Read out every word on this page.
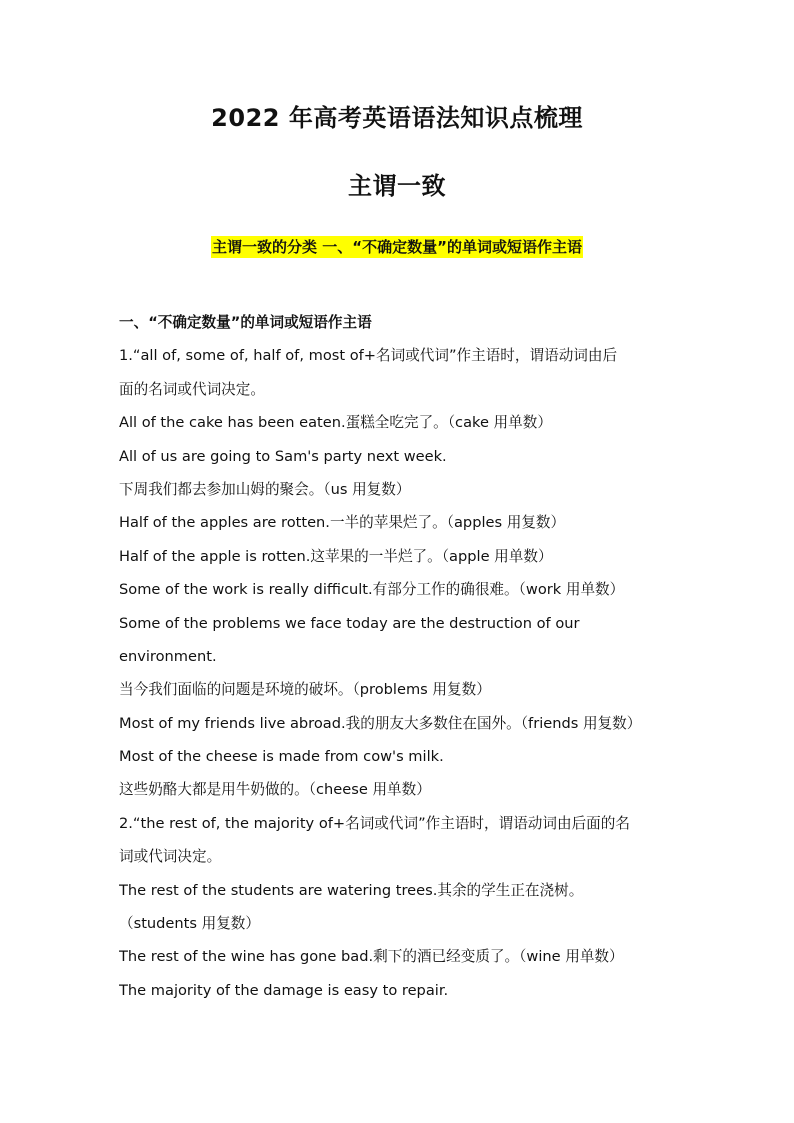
2022 年高考英语语法知识点梳理
主谓一致
主谓一致的分类 一、“不确定数量”的单词或短语作主语
一、“不确定数量”的单词或短语作主语
1.“all of, some of, half of, most of+名词或代词”作主语时，谓语动词由后
面的名词或代词决定。
All of the cake has been eaten.蛋糕全吃完了。（cake 用单数）
All of us are going to Sam's party next week.
下周我们都去参加山姆的聚会。（us 用复数）
Half of the apples are rotten.一半的苹果烂了。（apples 用复数）
Half of the apple is rotten.这苹果的一半烂了。（apple 用单数）
Some of the work is really difficult.有部分工作的确很难。（work 用单数）
Some of the problems we face today are the destruction of our
environment.
当今我们面临的问题是环境的破坏。（problems 用复数）
Most of my friends live abroad.我的朋友大多数住在国外。（friends 用复数）
Most of the cheese is made from cow's milk.
这些奶酪大都是用牛奶做的。（cheese 用单数）
2.“the rest of, the majority of+名词或代词”作主语时，谓语动词由后面的名
词或代词决定。
The rest of the students are watering trees.其余的学生正在浇树。
（students 用复数）
The rest of the wine has gone bad.剩下的酒已经变质了。（wine 用单数）
The majority of the damage is easy to repair.
